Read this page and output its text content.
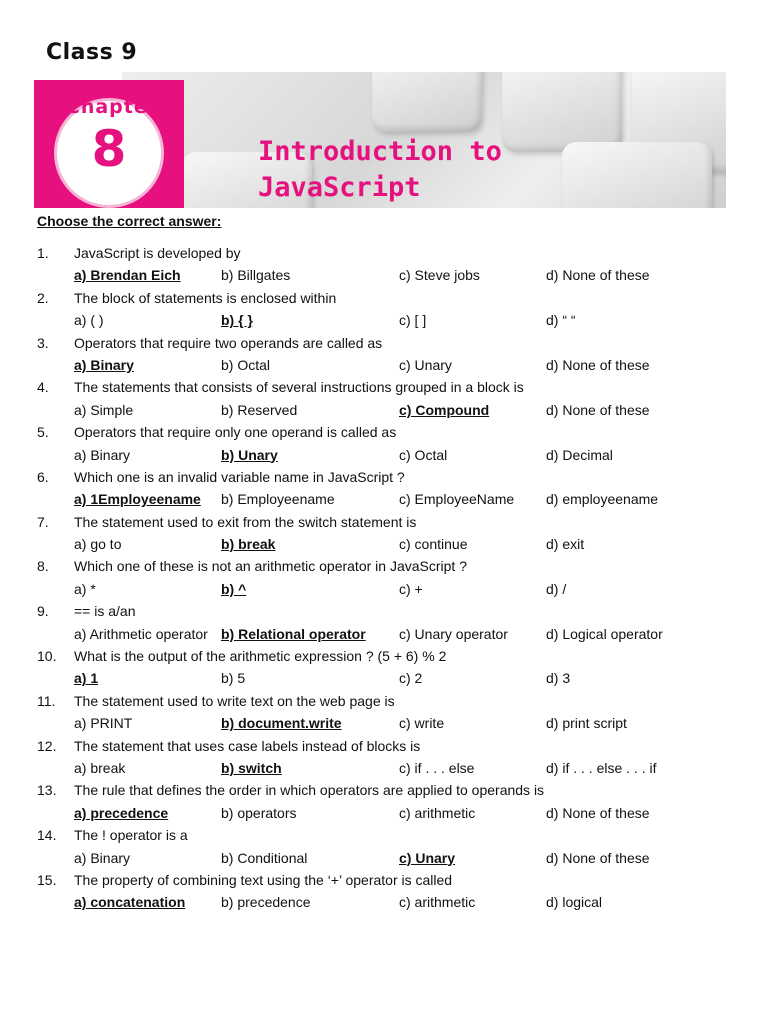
Class 9
Chapter
8	Introduction to
JavaScript
Choose the correct answer:
1. JavaScript is developed by
a) Brendan Eich	b) Billgates	c) Steve jobs	d) None of these
2. The block of statements is enclosed within
a) ( )	b) { }	c) [ ]	d) “ “
3. Operators that require two operands are called as
a) Binary	b) Octal	c) Unary	d) None of these
4. The statements that consists of several instructions grouped in a block is
a) Simple	b) Reserved	c) Compound	d) None of these
5. Operators that require only one operand is called as
a) Binary	b) Unary	c) Octal	d) Decimal
6. Which one is an invalid variable name in JavaScript ?
a) 1Employeename b) Employeename	c) EmployeeName d) employeename
7. The statement used to exit from the switch statement is
a) go to	b) break	c) continue	d) exit
8. Which one of these is not an arithmetic operator in JavaScript ?
a) *	b) ^	c) +	d) /
9. == is a/an
a) Arithmetic operator b) Relational operator c) Unary operator	d) Logical operator
10. What is the output of the arithmetic expression ? (5 + 6) % 2
a) 1	b) 5	c) 2	d) 3
11. The statement used to write text on the web page is
a) PRINT	b) document.write	c) write	d) print script
12. The statement that uses case labels instead of blocks is
a) break	b) switch	c) if . . . else	d) if . . . else . . . if
13. The rule that defines the order in which operators are applied to operands is
a) precedence	b) operators	c) arithmetic	d) None of these
14. The ! operator is a
a) Binary	b) Conditional	c) Unary	d) None of these
15. The property of combining text using the ‘+’ operator is called
a) concatenation	b) precedence	c) arithmetic	d) logical
